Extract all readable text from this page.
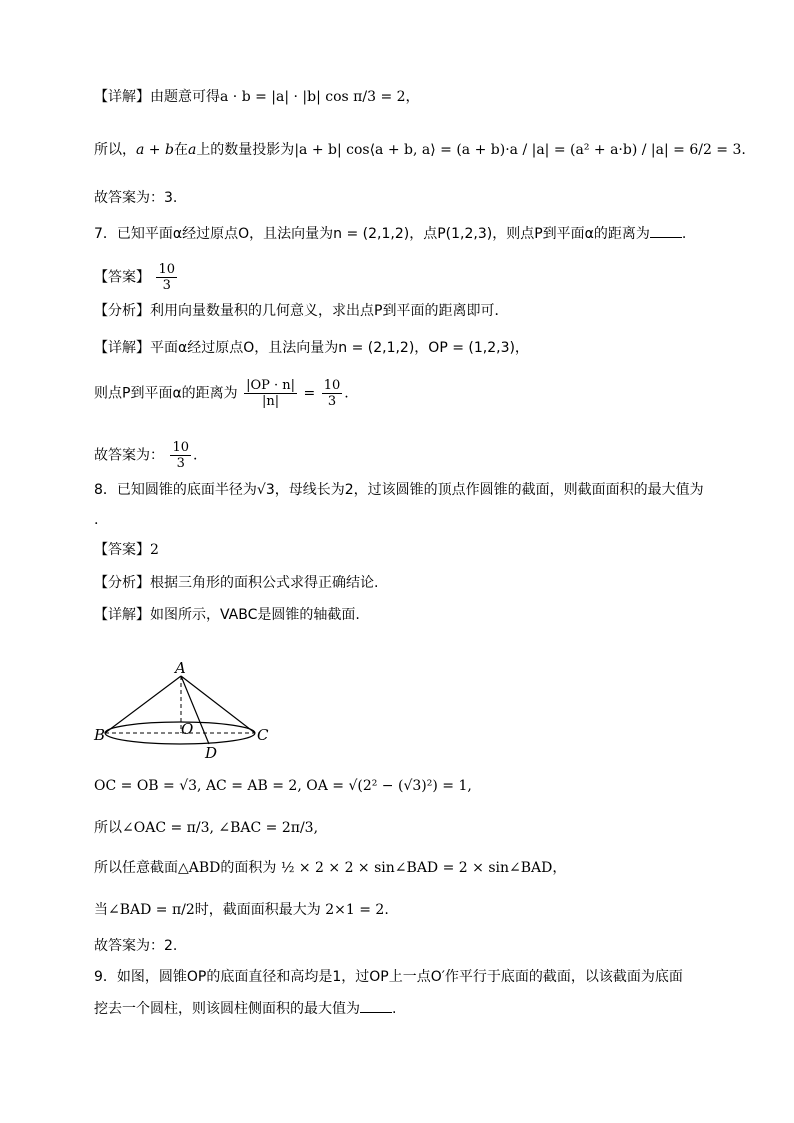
【详解】由题意可得a · b = |a| · |b| cos π/3 = 2，
所以，a + b在a上的数量投影为|a + b| cos⟨a + b, a⟩ = (a + b)·a / |a| = (a² + a·b) / |a| = 6/2 = 3.
故答案为：3.
7．已知平面α经过原点O，且法向量为n = (2,1,2)，点P(1,2,3)，则点P到平面α的距离为 .
【答案】 $\frac{10}{3}$
【分析】利用向量数量积的几何意义，求出点P到平面的距离即可．
【详解】平面α经过原点O，且法向量为n = (2,1,2)，OP = (1,2,3)，
则点P到平面α的距离为 $\frac{|OP \cdot n|}{|n|} = \frac{10}{3}$ .
故答案为： $\frac{10}{3}$ .
8．已知圆锥的底面半径为√3，母线长为2，过该圆锥的顶点作圆锥的截面，则截面面积的最大值为
.
【答案】2
【分析】根据三角形的面积公式求得正确结论.
【详解】如图所示，VABC是圆锥的轴截面.
A
B	C
O
D
OC = OB = √3, AC = AB = 2, OA = √(2² − (√3)²) = 1,
所以∠OAC = π/3, ∠BAC = 2π/3,
所以任意截面△ABD的面积为 ½ × 2 × 2 × sin∠BAD = 2 × sin∠BAD，
当∠BAD = π/2时，截面面积最大为 2×1 = 2.
故答案为：2.
9．如图，圆锥OP的底面直径和高均是1，过OP上一点O′作平行于底面的截面，以该截面为底面
挖去一个圆柱，则该圆柱侧面积的最大值为 .
